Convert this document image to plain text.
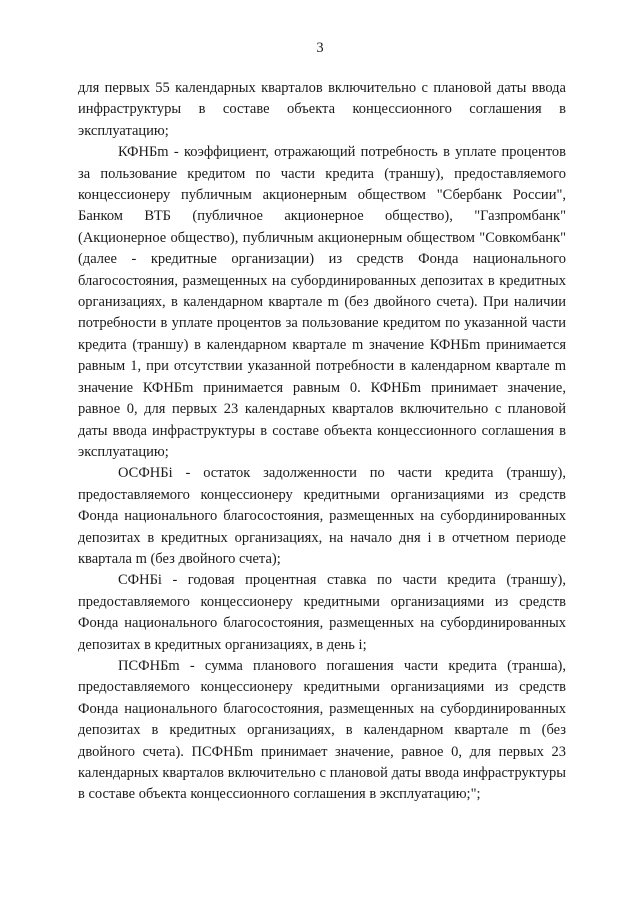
3

для первых 55 календарных кварталов включительно с плановой даты ввода инфраструктуры в составе объекта концессионного соглашения в эксплуатацию;

КФНБm - коэффициент, отражающий потребность в уплате процентов за пользование кредитом по части кредита (траншу), предоставляемого концессионеру публичным акционерным обществом "Сбербанк России", Банком ВТБ (публичное акционерное общество), "Газпромбанк" (Акционерное общество), публичным акционерным обществом "Совкомбанк" (далее - кредитные организации) из средств Фонда национального благосостояния, размещенных на субординированных депозитах в кредитных организациях, в календарном квартале m (без двойного счета). При наличии потребности в уплате процентов за пользование кредитом по указанной части кредита (траншу) в календарном квартале m значение КФНБm принимается равным 1, при отсутствии указанной потребности в календарном квартале m значение КФНБm принимается равным 0. КФНБm принимает значение, равное 0, для первых 23 календарных кварталов включительно с плановой даты ввода инфраструктуры в составе объекта концессионного соглашения в эксплуатацию;

ОСФНБi - остаток задолженности по части кредита (траншу), предоставляемого концессионеру кредитными организациями из средств Фонда национального благосостояния, размещенных на субординированных депозитах в кредитных организациях, на начало дня i в отчетном периоде квартала m (без двойного счета);

СФНБi - годовая процентная ставка по части кредита (траншу), предоставляемого концессионеру кредитными организациями из средств Фонда национального благосостояния, размещенных на субординированных депозитах в кредитных организациях, в день i;

ПСФНБm - сумма планового погашения части кредита (транша), предоставляемого концессионеру кредитными организациями из средств Фонда национального благосостояния, размещенных на субординированных депозитах в кредитных организациях, в календарном квартале m (без двойного счета). ПСФНБm принимает значение, равное 0, для первых 23 календарных кварталов включительно с плановой даты ввода инфраструктуры в составе объекта концессионного соглашения в эксплуатацию;";
